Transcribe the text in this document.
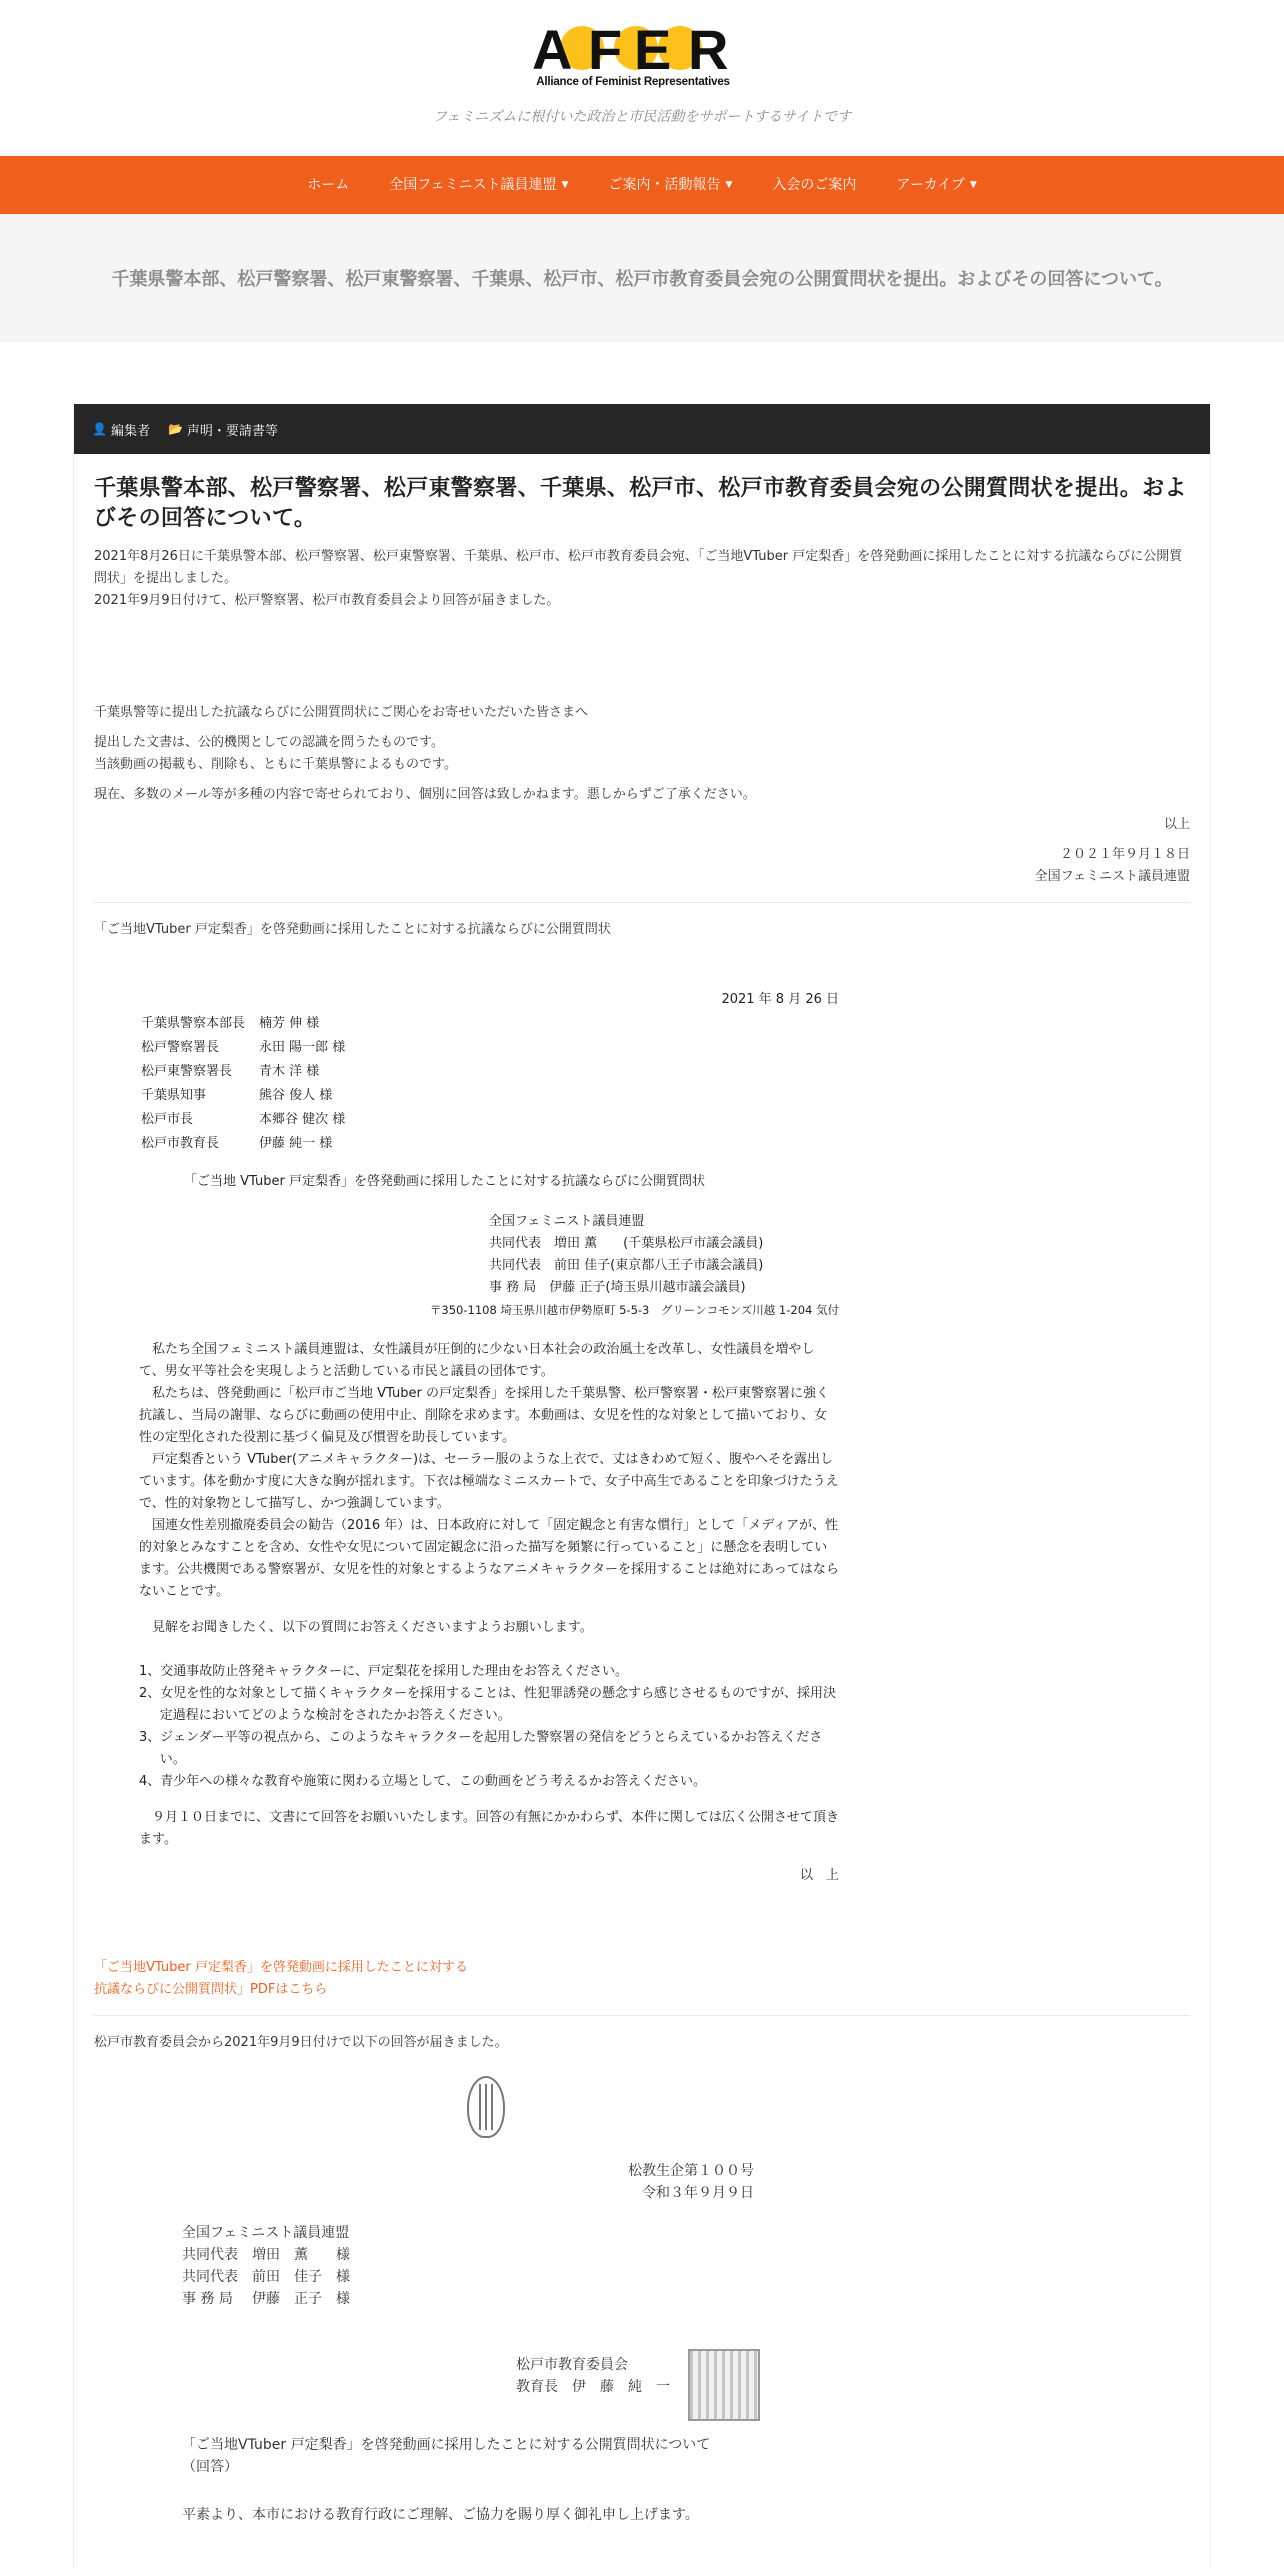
A F E R
Alliance of Feminist Representatives
フェミニズムに根付いた政治と市民活動をサポートするサイトです
ホーム	全国フェミニスト議員連盟 ▼	ご案内・活動報告 ▼	入会のご案内	アーカイブ ▼
千葉県警本部、松戸警察署、松戸東警察署、千葉県、松戸市、松戸市教育委員会宛の公開質問状を提出。およびその回答について。
👤 編集者 📂 声明・要請書等
千葉県警本部、松戸警察署、松戸東警察署、千葉県、松戸市、松戸市教育委員会宛の公開質問状を提出。およびその回答について。

2021年8月26日に千葉県警本部、松戸警察署、松戸東警察署、千葉県、松戸市、松戸市教育委員会宛、「ご当地VTuber 戸定梨香」を啓発動画に採用したことに対する抗議ならびに公開質問状」を提出しました。

2021年9月9日付けて、松戸警察署、松戸市教育委員会より回答が届きました。

千葉県警等に提出した抗議ならびに公開質問状にご関心をお寄せいただいた皆さまへ

提出した文書は、公的機関としての認識を問うたものです。

当該動画の掲載も、削除も、ともに千葉県警によるものです。

現在、多数のメール等が多種の内容で寄せられており、個別に回答は致しかねます。悪しからずご了承ください。

以上

２０２１年９月１８日

全国フェミニスト議員連盟

「ご当地VTuber 戸定梨香」を啓発動画に採用したことに対する抗議ならびに公開質問状

2021 年 8 月 26 日
千葉県警察本部長	楠芳 伸 様
松戸警察署長	永田 陽一郎 様
松戸東警察署長	青木 洋 様
千葉県知事	熊谷 俊人 様
松戸市長	本郷谷 健次 様
松戸市教育長	伊藤 純一 様
「ご当地 VTuber 戸定梨香」を啓発動画に採用したことに対する抗議ならびに公開質問状
全国フェミニスト議員連盟
共同代表　増田 薫　　(千葉県松戸市議会議員)
共同代表　前田 佳子(東京都八王子市議会議員)
事 務 局　伊藤 正子(埼玉県川越市議会議員)
〒350-1108 埼玉県川越市伊勢原町 5-5-3　グリーンコモンズ川越 1-204 気付
私たち全国フェミニスト議員連盟は、女性議員が圧倒的に少ない日本社会の政治風土を改革し、女性議員を増やして、男女平等社会を実現しようと活動している市民と議員の団体です。
私たちは、啓発動画に「松戸市ご当地 VTuber の戸定梨香」を採用した千葉県警、松戸警察署・松戸東警察署に強く抗議し、当局の謝罪、ならびに動画の使用中止、削除を求めます。本動画は、女児を性的な対象として描いており、女性の定型化された役割に基づく偏見及び慣習を助長しています。
戸定梨香という VTuber(アニメキャラクター)は、セーラー服のような上衣で、丈はきわめて短く、腹やへそを露出しています。体を動かす度に大きな胸が揺れます。下衣は極端なミニスカートで、女子中高生であることを印象づけたうえで、性的対象物として描写し、かつ強調しています。
国連女性差別撤廃委員会の勧告（2016 年）は、日本政府に対して「固定観念と有害な慣行」として「メディアが、性的対象とみなすことを含め、女性や女児について固定観念に沿った描写を頻繁に行っていること」に懸念を表明しています。公共機関である警察署が、女児を性的対象とするようなアニメキャラクターを採用することは絶対にあってはならないことです。
見解をお聞きしたく、以下の質問にお答えくださいますようお願いします。
1、交通事故防止啓発キャラクターに、戸定梨花を採用した理由をお答えください。
2、女児を性的な対象として描くキャラクターを採用することは、性犯罪誘発の懸念すら感じさせるものですが、採用決定過程においてどのような検討をされたかお答えください。
3、ジェンダー平等の視点から、このようなキャラクターを起用した警察署の発信をどうとらえているかお答えください。
4、青少年への様々な教育や施策に関わる立場として、この動画をどう考えるかお答えください。
９月１０日までに、文書にて回答をお願いいたします。回答の有無にかかわらず、本件に関しては広く公開させて頂きます。
以　上
「ご当地VTuber 戸定梨香」を啓発動画に採用したことに対する
抗議ならびに公開質問状」PDFはこちら

松戸市教育委員会から2021年9月9日付けで以下の回答が届きました。

松教生企第１００号
令和３年９月９日
全国フェミニスト議員連盟
共同代表	増田　薫　　様
共同代表	前田　佳子　様
事 務 局	伊藤　正子　様
松戸市教育委員会
教育長　伊　藤　純　一
「ご当地VTuber 戸定梨香」を啓発動画に採用したことに対する公開質問状について
（回答）
平素より、本市における教育行政にご理解、ご協力を賜り厚く御礼申し上げます。
